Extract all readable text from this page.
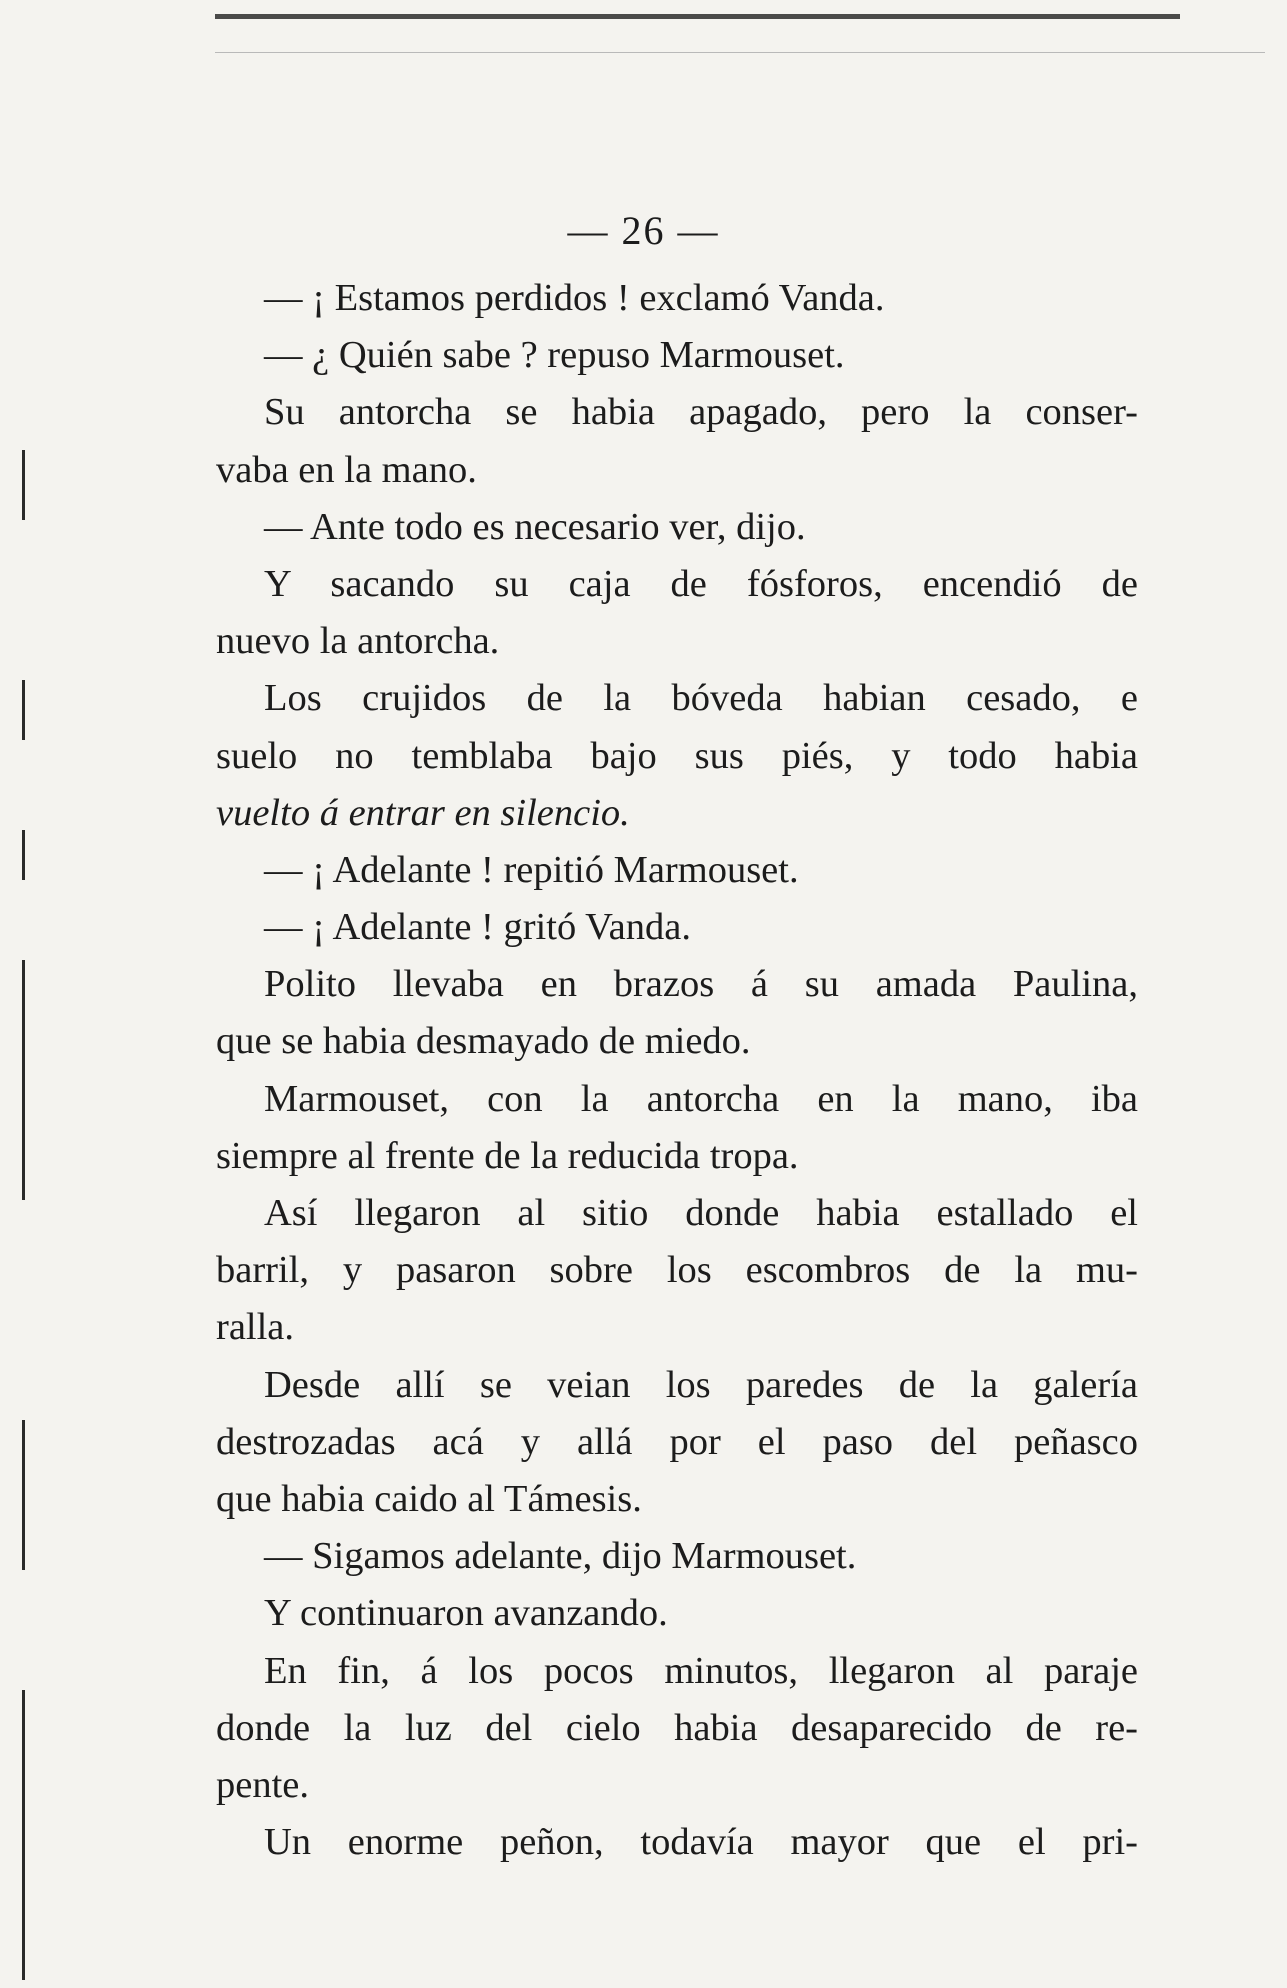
— 26 —
— ¡ Estamos perdidos ! exclamó Vanda.
— ¿ Quién sabe ? repuso Marmouset.
Su antorcha se habia apagado, pero la conser-
vaba en la mano.
— Ante todo es necesario ver, dijo.
Y sacando su caja de fósforos, encendió de
nuevo la antorcha.
Los crujidos de la bóveda habian cesado, e
suelo no temblaba bajo sus piés, y todo habia
vuelto á entrar en silencio.
— ¡ Adelante ! repitió Marmouset.
— ¡ Adelante ! gritó Vanda.
Polito llevaba en brazos á su amada Paulina,
que se habia desmayado de miedo.
Marmouset, con la antorcha en la mano, iba
siempre al frente de la reducida tropa.
Así llegaron al sitio donde habia estallado el
barril, y pasaron sobre los escombros de la mu-
ralla.
Desde allí se veian los paredes de la galería
destrozadas acá y allá por el paso del peñasco
que habia caido al Támesis.
— Sigamos adelante, dijo Marmouset.
Y continuaron avanzando.
En fin, á los pocos minutos, llegaron al paraje
donde la luz del cielo habia desaparecido de re-
pente.
Un enorme peñon, todavía mayor que el pri-
